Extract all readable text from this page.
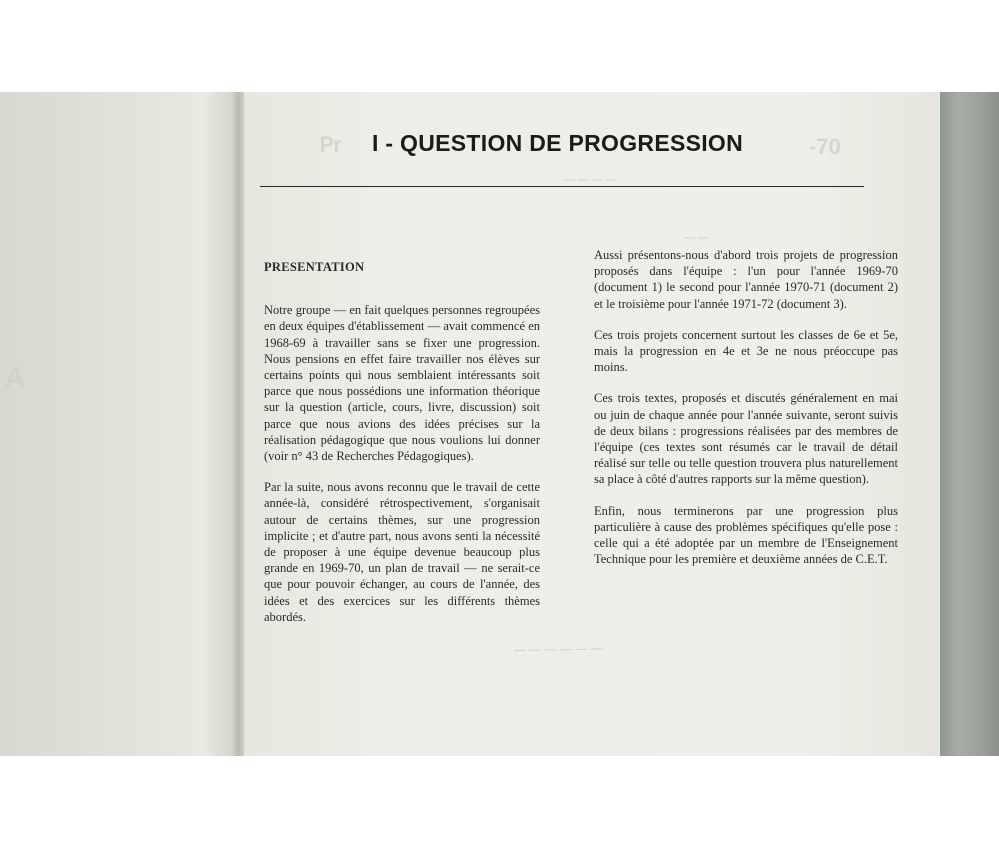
A
Pr	-70
— — — —
— —
— — — — — —
I - QUESTION DE PROGRESSION
PRESENTATION

Notre groupe — en fait quelques personnes regroupées en deux équipes d'établissement — avait commencé en 1968-69 à travailler sans se fixer une progression. Nous pensions en effet faire travailler nos élèves sur certains points qui nous semblaient intéressants soit parce que nous possédions une information théorique sur la question (article, cours, livre, discussion) soit parce que nous avions des idées précises sur la réalisation pédagogique que nous voulions lui donner (voir n° 43 de Recherches Pédagogiques).

Par la suite, nous avons reconnu que le travail de cette année-là, considéré rétrospectivement, s'organisait autour de certains thèmes, sur une progression implicite ; et d'autre part, nous avons senti la nécessité de proposer à une équipe devenue beaucoup plus grande en 1969-70, un plan de travail — ne serait-ce que pour pouvoir échanger, au cours de l'année, des idées et des exercices sur les différents thèmes abordés.

Aussi présentons-nous d'abord trois projets de progression proposés dans l'équipe : l'un pour l'année 1969-70 (document 1) le second pour l'année 1970-71 (document 2) et le troisième pour l'année 1971-72 (document 3).

Ces trois projets concernent surtout les classes de 6e et 5e, mais la progression en 4e et 3e ne nous préoccupe pas moins.

Ces trois textes, proposés et discutés généralement en mai ou juin de chaque année pour l'année suivante, seront suivis de deux bilans : progressions réalisées par des membres de l'équipe (ces textes sont résumés car le travail de détail réalisé sur telle ou telle question trouvera plus naturellement sa place à côté d'autres rapports sur la même question).

Enfin, nous terminerons par une progression plus particulière à cause des problèmes spécifiques qu'elle pose : celle qui a été adoptée par un membre de l'Enseignement Technique pour les première et deuxième années de C.E.T.
